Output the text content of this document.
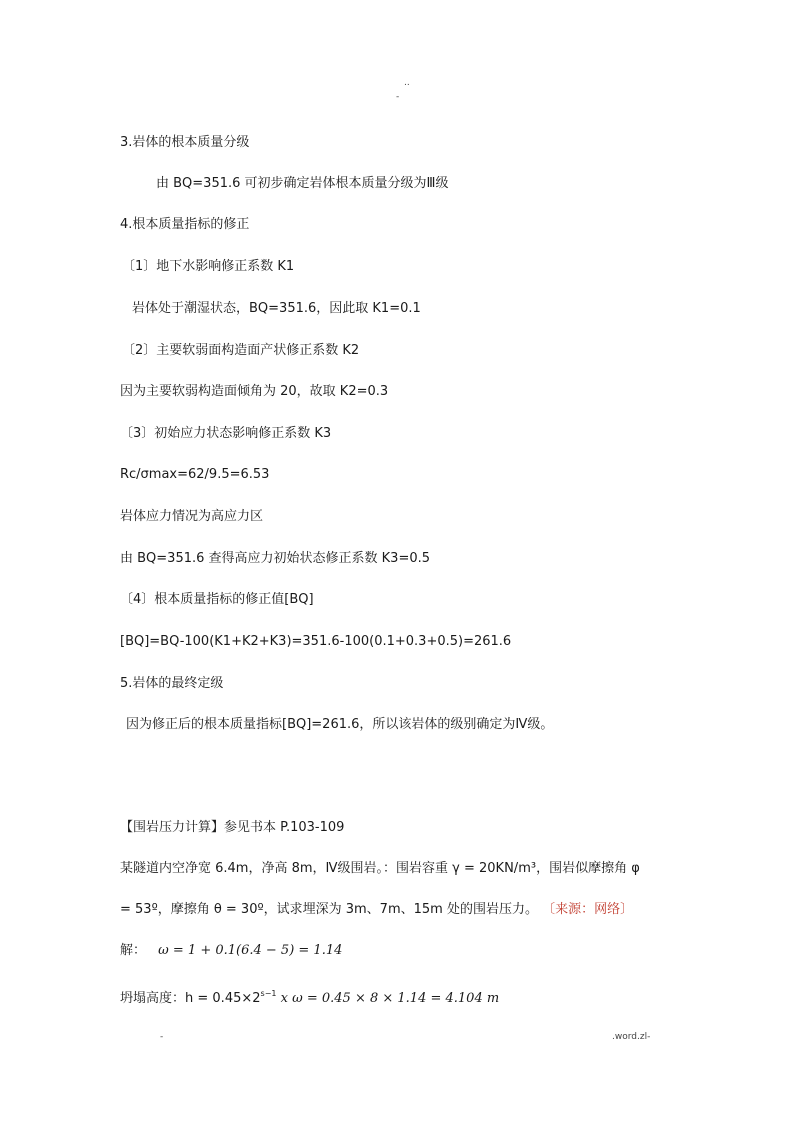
..
-
3.岩体的根本质量分级
由 BQ=351.6 可初步确定岩体根本质量分级为Ⅲ级
4.根本质量指标的修正
〔1〕地下水影响修正系数 K1
岩体处于潮湿状态，BQ=351.6，因此取 K1=0.1
〔2〕主要软弱面构造面产状修正系数 K2
因为主要软弱构造面倾角为 20，故取 K2=0.3
〔3〕初始应力状态影响修正系数 K3
Rc/σmax=62/9.5=6.53
岩体应力情况为高应力区
由 BQ=351.6 查得高应力初始状态修正系数 K3=0.5
〔4〕根本质量指标的修正值[BQ]
[BQ]=BQ-100(K1+K2+K3)=351.6-100(0.1+0.3+0.5)=261.6
5.岩体的最终定级
因为修正后的根本质量指标[BQ]=261.6，所以该岩体的级别确定为Ⅳ级。
【围岩压力计算】参见书本 P.103-109
某隧道内空净宽 6.4m，净高 8m，Ⅳ级围岩。：围岩容重 γ = 20KN/m³，围岩似摩擦角 φ
= 53º，摩擦角 θ = 30º，试求埋深为 3m、7m、15m 处的围岩压力。 〔来源：网络〕
解： ω = 1 + 0.1(6.4 − 5) = 1.14
坍塌高度：$h = 0.45\times 2^{s-1}$ x ω = 0.45 × 8 × 1.14 = 4.104 m
-	.word.zl-
